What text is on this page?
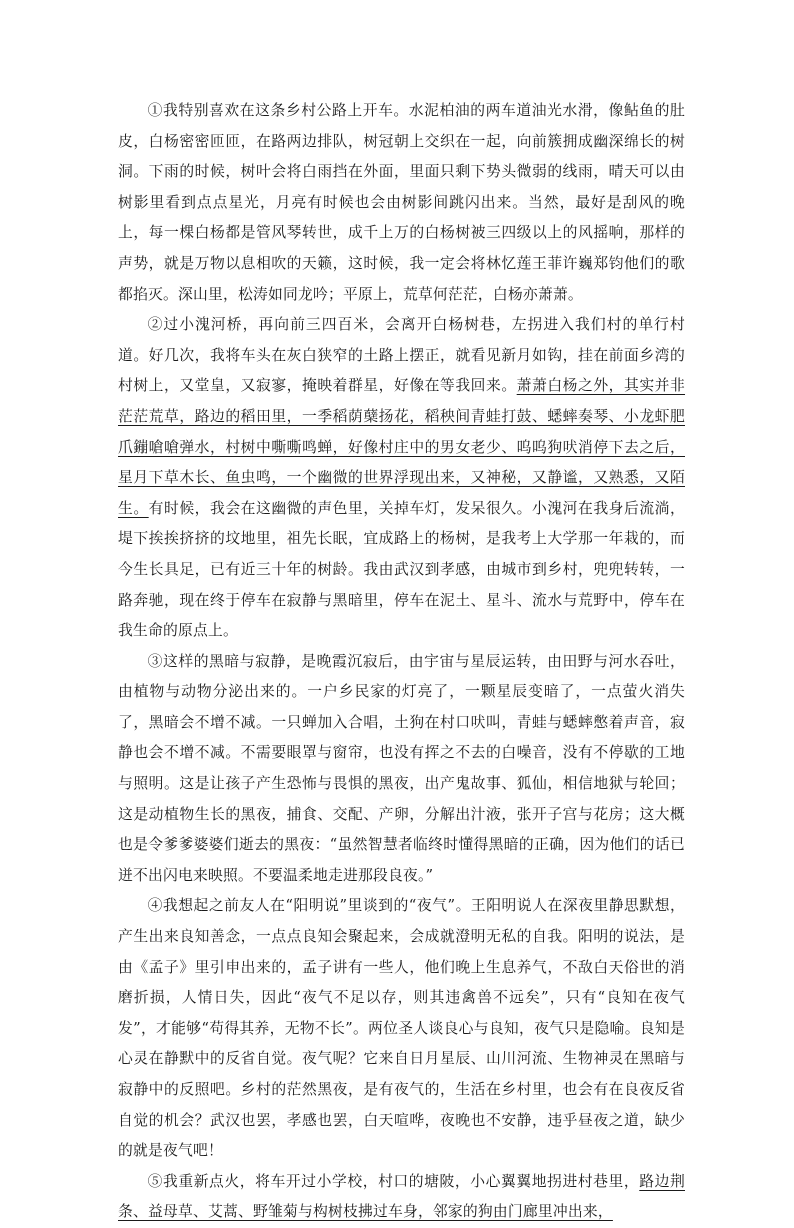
①我特别喜欢在这条乡村公路上开车。水泥柏油的两车道油光水滑，像鲇鱼的肚皮，白杨密密匝匝，在路两边排队，树冠朝上交织在一起，向前簇拥成幽深绵长的树洞。下雨的时候，树叶会将白雨挡在外面，里面只剩下势头微弱的线雨，晴天可以由树影里看到点点星光，月亮有时候也会由树影间跳闪出来。当然，最好是刮风的晚上，每一棵白杨都是管风琴转世，成千上万的白杨树被三四级以上的风摇响，那样的声势，就是万物以息相吹的天籁，这时候，我一定会将林忆莲王菲许巍郑钧他们的歌都掐灭。深山里，松涛如同龙吟；平原上，荒草何茫茫，白杨亦萧萧。

②过小溾河桥，再向前三四百米，会离开白杨树巷，左拐进入我们村的单行村道。好几次，我将车头在灰白狭窄的土路上摆正，就看见新月如钩，挂在前面乡湾的村树上，又堂皇，又寂寥，掩映着群星，好像在等我回来。萧萧白杨之外，其实并非茫茫荒草，路边的稻田里，一季稻荫蘖扬花，稻秧间青蛙打鼓、蟋蟀奏琴、小龙虾肥爪鏰嗆嗆弹水，村树中嘶嘶鸣蝉，好像村庄中的男女老少、呜呜狗吠消停下去之后，星月下草木长、鱼虫鸣，一个幽微的世界浮现出来，又神秘，又静谧，又熟悉，又陌生。有时候，我会在这幽微的声色里，关掉车灯，发呆很久。小溾河在我身后流淌，堤下挨挨挤挤的坟地里，祖先长眠，宜成路上的杨树，是我考上大学那一年栽的，而今生长具足，已有近三十年的树龄。我由武汉到孝感，由城市到乡村，兜兜转转，一路奔驰，现在终于停车在寂静与黑暗里，停车在泥土、星斗、流水与荒野中，停车在我生命的原点上。

③这样的黑暗与寂静，是晚霞沉寂后，由宇宙与星辰运转，由田野与河水吞吐，由植物与动物分泌出来的。一户乡民家的灯亮了，一颗星辰变暗了，一点萤火消失了，黑暗会不增不减。一只蝉加入合唱，土狗在村口吠叫，青蛙与蟋蟀憋着声音，寂静也会不增不减。不需要眼罩与窗帘，也没有挥之不去的白噪音，没有不停歇的工地与照明。这是让孩子产生恐怖与畏惧的黑夜，出产鬼故事、狐仙，相信地狱与轮回；这是动植物生长的黑夜，捕食、交配、产卵，分解出汁液，张开子宫与花房；这大概也是令爹爹婆婆们逝去的黑夜：“虽然智慧者临终时懂得黑暗的正确，因为他们的话已迸不出闪电来映照。不要温柔地走进那段良夜。”

④我想起之前友人在“阳明说”里谈到的“夜气”。王阳明说人在深夜里静思默想，产生出来良知善念，一点点良知会聚起来，会成就澄明无私的自我。阳明的说法，是由《孟子》里引申出来的，孟子讲有一些人，他们晚上生息养气，不敌白天俗世的消磨折损，人情日失，因此“夜气不足以存，则其违禽兽不远矣”，只有“良知在夜气发”，才能够“苟得其养，无物不长”。两位圣人谈良心与良知，夜气只是隐喻。良知是心灵在静默中的反省自觉。夜气呢？它来自日月星辰、山川河流、生物神灵在黑暗与寂静中的反照吧。乡村的茫然黑夜，是有夜气的，生活在乡村里，也会有在良夜反省自觉的机会？武汉也罢，孝感也罢，白天喧哗，夜晚也不安静，违乎昼夜之道，缺少的就是夜气吧！

⑤我重新点火，将车开过小学校，村口的塘陂，小心翼翼地拐进村巷里，路边荆条、益母草、艾蒿、野雏菊与构树枝拂过车身，邻家的狗由门廊里冲出来，
